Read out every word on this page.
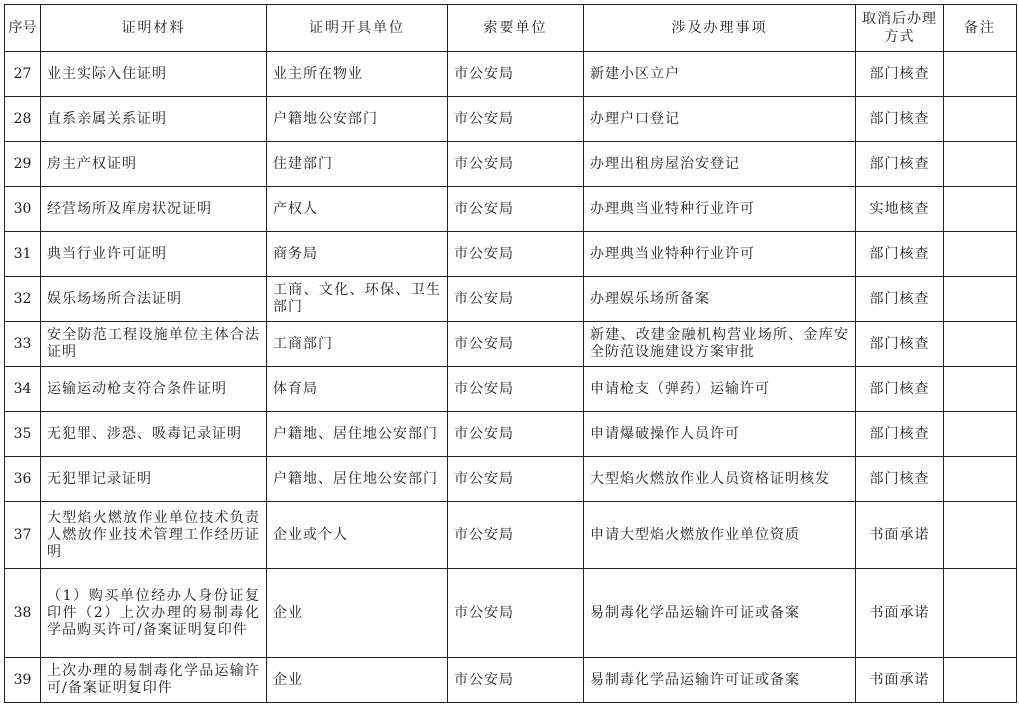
序号	证明材料	证明开具单位	索要单位	涉及办理事项	取消后办理方式	备注
27	业主实际入住证明	业主所在物业	市公安局	新建小区立户	部门核查	
28	直系亲属关系证明	户籍地公安部门	市公安局	办理户口登记	部门核查	
29	房主产权证明	住建部门	市公安局	办理出租房屋治安登记	部门核查	
30	经营场所及库房状况证明	产权人	市公安局	办理典当业特种行业许可	实地核查	
31	典当行业许可证明	商务局	市公安局	办理典当业特种行业许可	部门核查	
32	娱乐场场所合法证明	工商、文化、环保、卫生部门	市公安局	办理娱乐场所备案	部门核查	
33	安全防范工程设施单位主体合法证明	工商部门	市公安局	新建、改建金融机构营业场所、金库安全防范设施建设方案审批	部门核查	
34	运输运动枪支符合条件证明	体育局	市公安局	申请枪支（弹药）运输许可	部门核查	
35	无犯罪、涉恐、吸毒记录证明	户籍地、居住地公安部门	市公安局	申请爆破操作人员许可	部门核查	
36	无犯罪记录证明	户籍地、居住地公安部门	市公安局	大型焰火燃放作业人员资格证明核发	部门核查	
37	大型焰火燃放作业单位技术负责人燃放作业技术管理工作经历证明	企业或个人	市公安局	申请大型焰火燃放作业单位资质	书面承诺	
38	（1）购买单位经办人身份证复印件（2）上次办理的易制毒化学品购买许可/备案证明复印件	企业	市公安局	易制毒化学品运输许可证或备案	书面承诺	
39	上次办理的易制毒化学品运输许可/备案证明复印件	企业	市公安局	易制毒化学品运输许可证或备案	书面承诺	
